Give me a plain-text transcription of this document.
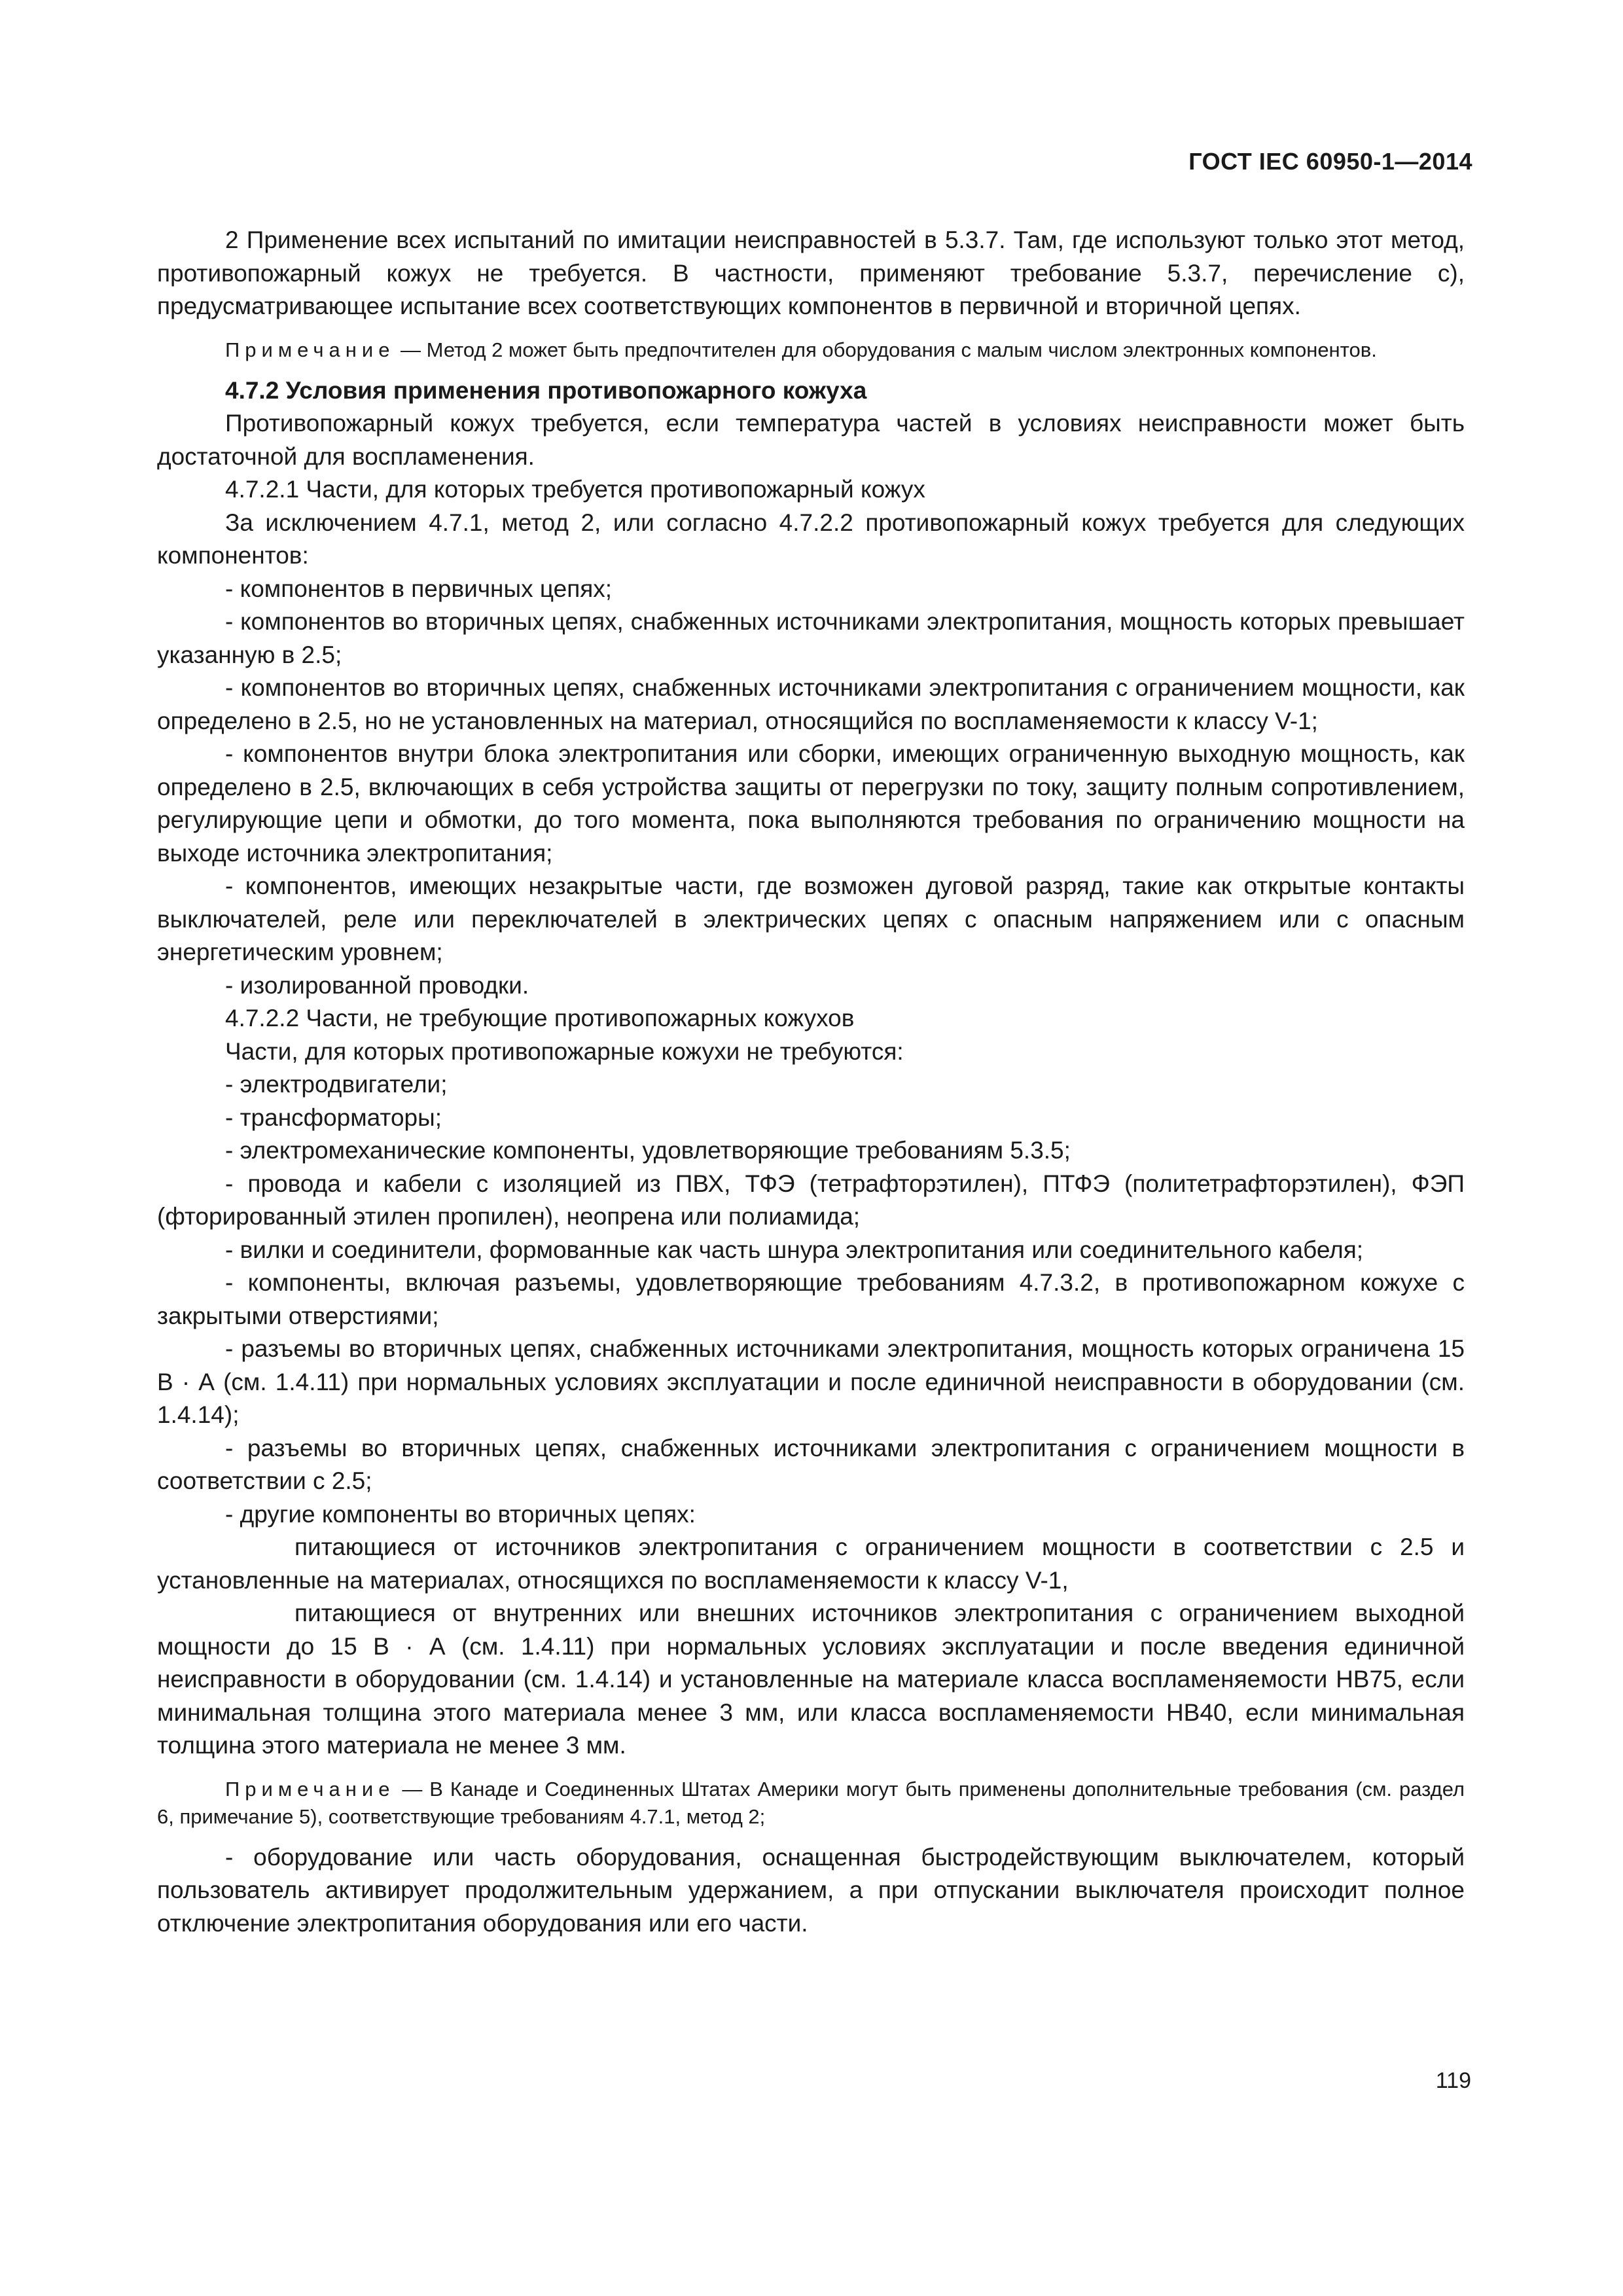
ГОСТ IEC 60950-1—2014

2 Применение всех испытаний по имитации неисправностей в 5.3.7. Там, где используют только этот метод, противопожарный кожух не требуется. В частности, применяют требование 5.3.7, перечисление с), предусматривающее испытание всех соответствующих компонентов в первичной и вторичной цепях.

Примечание — Метод 2 может быть предпочтителен для оборудования с малым числом электронных компонентов.

4.7.2 Условия применения противопожарного кожуха

Противопожарный кожух требуется, если температура частей в условиях неисправности может быть достаточной для воспламенения.

4.7.2.1 Части, для которых требуется противопожарный кожух

За исключением 4.7.1, метод 2, или согласно 4.7.2.2 противопожарный кожух требуется для следующих компонентов:

- компонентов в первичных цепях;

- компонентов во вторичных цепях, снабженных источниками электропитания, мощность которых превышает указанную в 2.5;

- компонентов во вторичных цепях, снабженных источниками электропитания с ограничением мощности, как определено в 2.5, но не установленных на материал, относящийся по воспламеняемости к классу V-1;

- компонентов внутри блока электропитания или сборки, имеющих ограниченную выходную мощность, как определено в 2.5, включающих в себя устройства защиты от перегрузки по току, защиту полным сопротивлением, регулирующие цепи и обмотки, до того момента, пока выполняются требования по ограничению мощности на выходе источника электропитания;

- компонентов, имеющих незакрытые части, где возможен дуговой разряд, такие как открытые контакты выключателей, реле или переключателей в электрических цепях с опасным напряжением или с опасным энергетическим уровнем;

- изолированной проводки.

4.7.2.2 Части, не требующие противопожарных кожухов

Части, для которых противопожарные кожухи не требуются:

- электродвигатели;

- трансформаторы;

- электромеханические компоненты, удовлетворяющие требованиям 5.3.5;

- провода и кабели с изоляцией из ПВХ, ТФЭ (тетрафторэтилен), ПТФЭ (политетрафторэтилен), ФЭП (фторированный этилен пропилен), неопрена или полиамида;

- вилки и соединители, формованные как часть шнура электропитания или соединительного кабеля;

- компоненты, включая разъемы, удовлетворяющие требованиям 4.7.3.2, в противопожарном кожухе с закрытыми отверстиями;

- разъемы во вторичных цепях, снабженных источниками электропитания, мощность которых ограничена 15 В · А (см. 1.4.11) при нормальных условиях эксплуатации и после единичной неисправности в оборудовании (см. 1.4.14);

- разъемы во вторичных цепях, снабженных источниками электропитания с ограничением мощности в соответствии с 2.5;

- другие компоненты во вторичных цепях:

питающиеся от источников электропитания с ограничением мощности в соответствии с 2.5 и установленные на материалах, относящихся по воспламеняемости к классу V-1,

питающиеся от внутренних или внешних источников электропитания с ограничением выходной мощности до 15 В · А (см. 1.4.11) при нормальных условиях эксплуатации и после введения единичной неисправности в оборудовании (см. 1.4.14) и установленные на материале класса воспламеняемости НВ75, если минимальная толщина этого материала менее 3 мм, или класса воспламеняемости НВ40, если минимальная толщина этого материала не менее 3 мм.

Примечание — В Канаде и Соединенных Штатах Америки могут быть применены дополнительные требования (см. раздел 6, примечание 5), соответствующие требованиям 4.7.1, метод 2;

- оборудование или часть оборудования, оснащенная быстродействующим выключателем, который пользователь активирует продолжительным удержанием, а при отпускании выключателя происходит полное отключение электропитания оборудования или его части.

119
